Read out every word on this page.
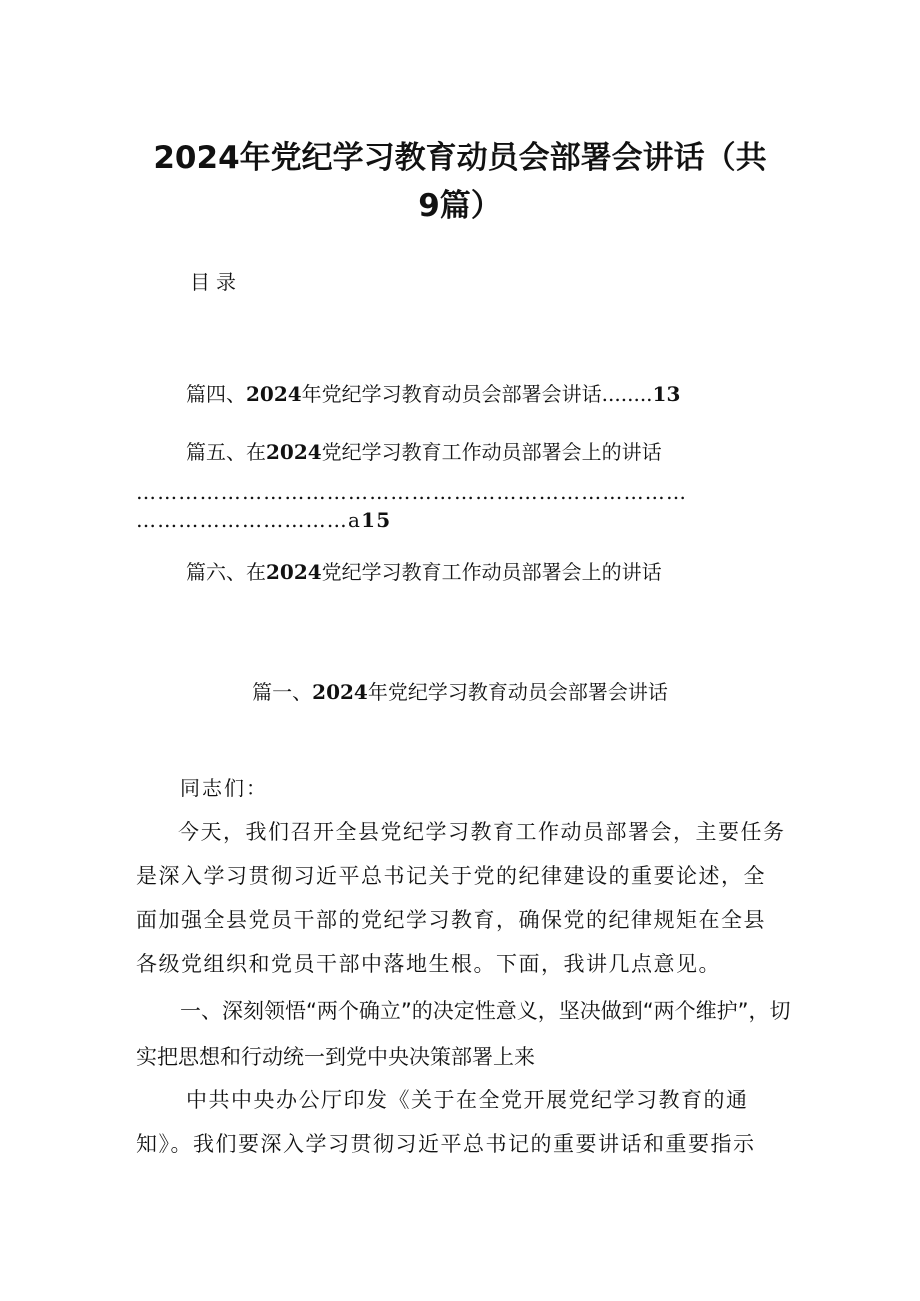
2024年党纪学习教育动员会部署会讲话（共
9篇）
目录
篇四、2024年党纪学习教育动员会部署会讲话........13
篇五、在2024党纪学习教育工作动员部署会上的讲话
……………………………………………………………………
…………………………a15
篇六、在2024党纪学习教育工作动员部署会上的讲话
篇一、2024年党纪学习教育动员会部署会讲话
同志们：
今天，我们召开全县党纪学习教育工作动员部署会，主要任务是深入学习贯彻习近平总书记关于党的纪律建设的重要论述，全面加强全县党员干部的党纪学习教育，确保党的纪律规矩在全县各级党组织和党员干部中落地生根。下面，我讲几点意见。
一、深刻领悟“两个确立”的决定性意义，坚决做到“两个维护”，切实把思想和行动统一到党中央决策部署上来
中共中央办公厅印发《关于在全党开展党纪学习教育的通知》。我们要深入学习贯彻习近平总书记的重要讲话和重要指示
